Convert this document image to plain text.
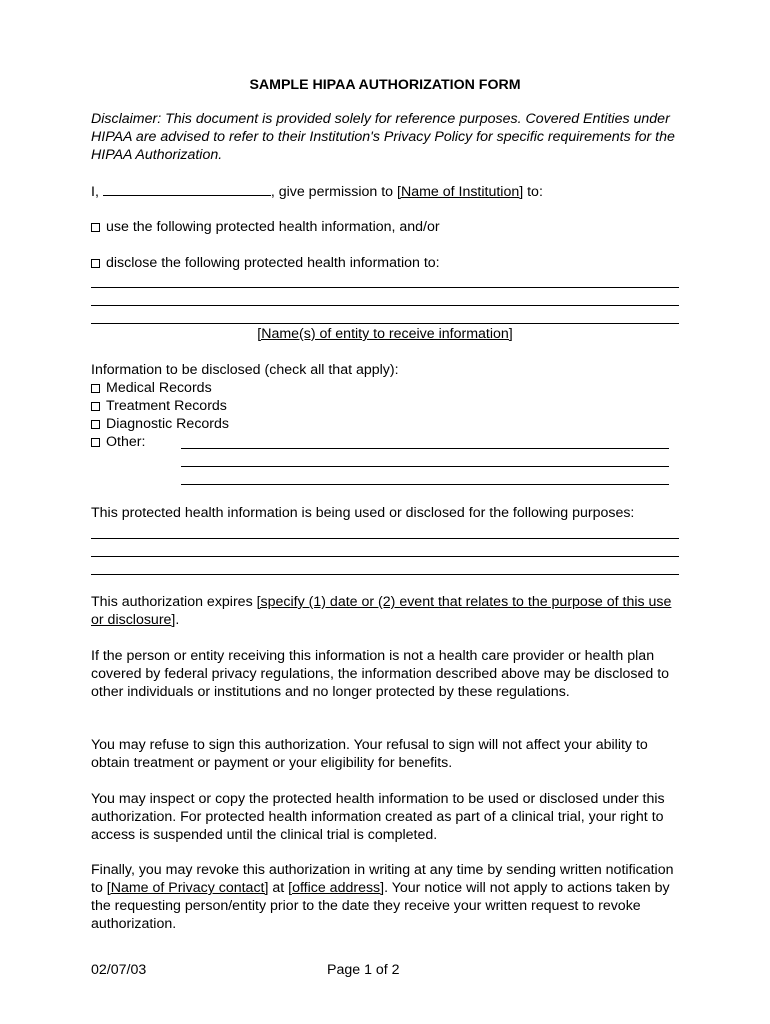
SAMPLE HIPAA AUTHORIZATION FORM
Disclaimer: This document is provided solely for reference purposes. Covered Entities under HIPAA are advised to refer to their Institution's Privacy Policy for specific requirements for the HIPAA Authorization.
I,	, give permission to [Name of Institution] to:
use the following protected health information, and/or
disclose the following protected health information to:
[Name(s) of entity to receive information]
Information to be disclosed (check all that apply):
Medical Records
Treatment Records
Diagnostic Records
Other:
This protected health information is being used or disclosed for the following purposes:
This authorization expires [specify (1) date or (2) event that relates to the purpose of this use or disclosure].
If the person or entity receiving this information is not a health care provider or health plan covered by federal privacy regulations, the information described above may be disclosed to other individuals or institutions and no longer protected by these regulations.
You may refuse to sign this authorization. Your refusal to sign will not affect your ability to obtain treatment or payment or your eligibility for benefits.
You may inspect or copy the protected health information to be used or disclosed under this authorization. For protected health information created as part of a clinical trial, your right to access is suspended until the clinical trial is completed.
Finally, you may revoke this authorization in writing at any time by sending written notification to [Name of Privacy contact] at [office address]. Your notice will not apply to actions taken by the requesting person/entity prior to the date they receive your written request to revoke authorization.
02/07/03	Page 1 of 2
